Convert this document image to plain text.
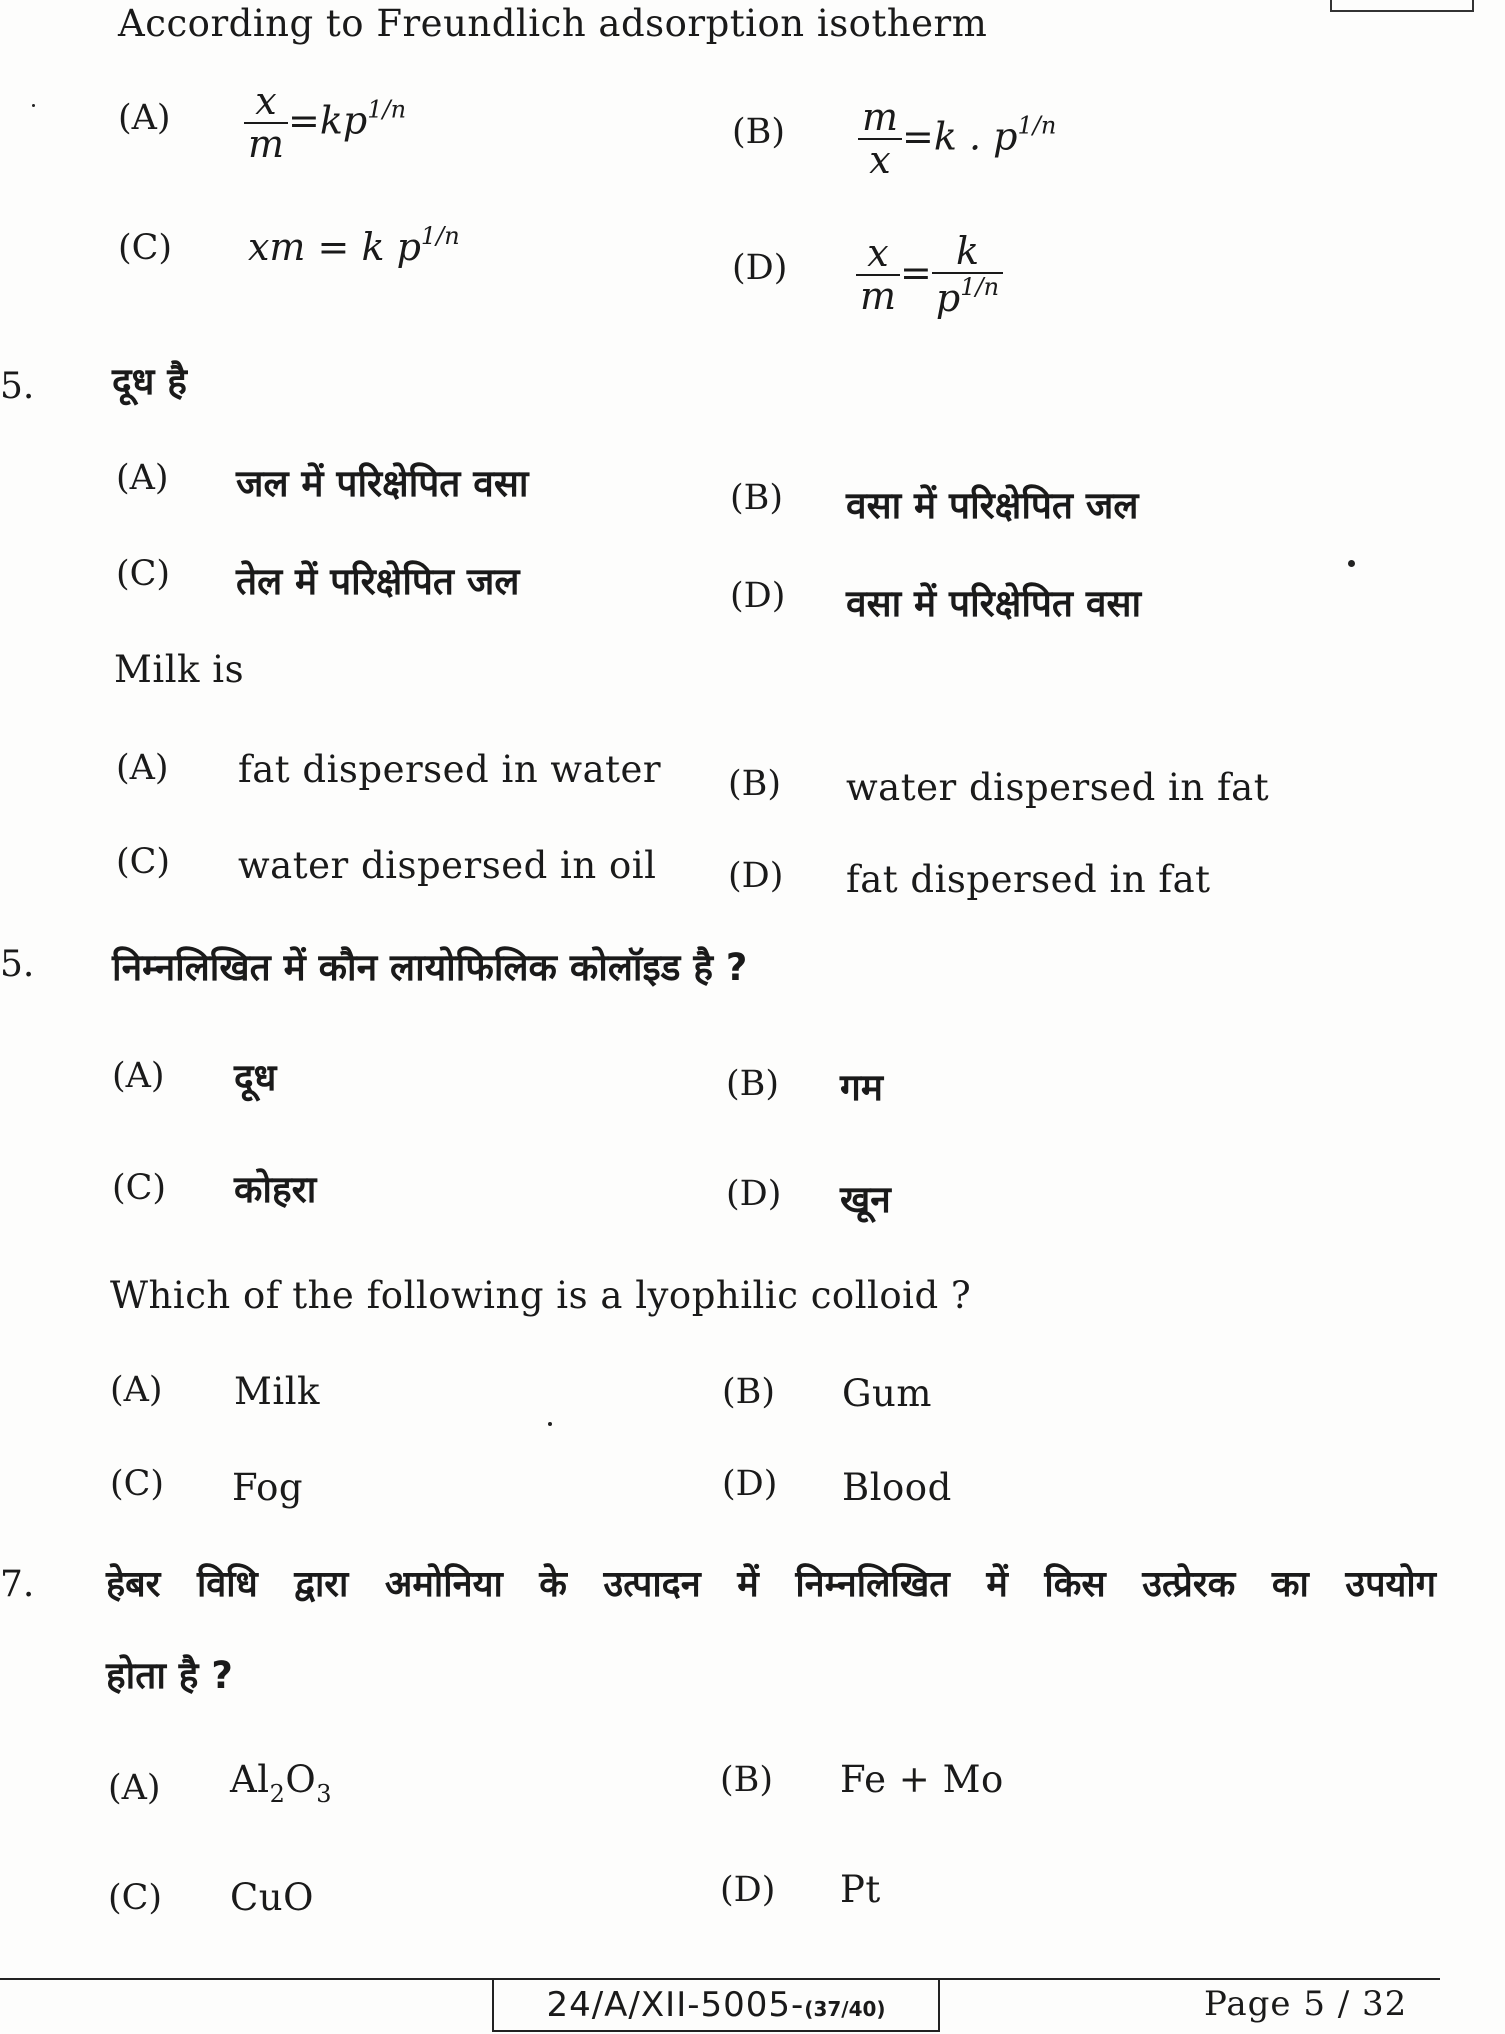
According to Freundlich adsorption isotherm
$(A) \frac{x}{m} =kp^{1/n}$
$(B) \frac{m}{x} =k$ . $p^{1/n}$
(C) xm = k $p^{1/n}$
$(D) \frac{x}{m} = \frac{k}{p^{1/n}}$
5. दूध है
(A) जल में परिक्षेपित वसा	(B) वसा में परिक्षेपित जल
(C) तेल में परिक्षेपित जल	(D) वसा में परिक्षेपित वसा
Milk is
(A) fat dispersed in water (B) water dispersed in fat
(C) water dispersed in oil (D) fat dispersed in fat
5. निम्नलिखित में कौन लायोफिलिक कोलॉइड है ?
(A) दूध	(B) गम
(C) कोहरा	(D) खून
Which of the following is a lyophilic colloid ?
(A) Milk	(B) Gum
(C) Fog	(D) Blood
7. हेबर विधि द्वारा अमोनिया के उत्पादन में निम्नलिखित में किस उत्प्रेरक का उपयोग
होता है ?
(A) $Al_2O_3$	(B) Fe + Mo
(C) CuO	(D) Pt
24/A/XII-5005-(37/40)	Page 5 / 32
